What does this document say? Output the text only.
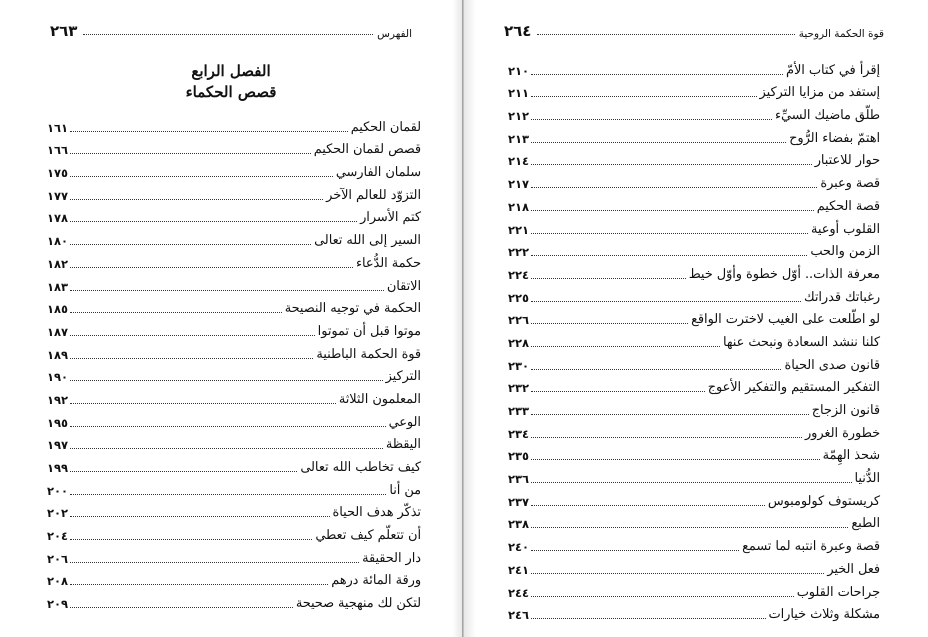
الفهرس
٢٦٣
الفصل الرابع
قصص الحكماء
لقمان الحكيم
١٦١
قصص لقمان الحكيم
١٦٦
سلمان الفارسي
١٧٥
التزوّد للعالم الآخر
١٧٧
كتم الأسرار
١٧٨
السير إلى الله تعالى
١٨٠
حكمة الدُّعاء
١٨٢
الاتقان
١٨٣
الحكمة في توجيه النصيحة
١٨٥
موتوا قبل أن تموتوا
١٨٧
قوة الحكمة الباطنية
١٨٩
التركيز
١٩٠
المعلمون الثلاثة
١٩٢
الوعي
١٩٥
اليقظة
١٩٧
كيف تخاطب الله تعالى
١٩٩
من أنا
٢٠٠
تذكّر هدف الحياة
٢٠٢
أن تتعلّم كيف تعطي
٢٠٤
دار الحقيقة
٢٠٦
ورقة المائة درهم
٢٠٨
لتكن لك منهجية صحيحة
٢٠٩
قوة الحكمة الروحية
٢٦٤
إقرأ في كتاب الأمّ
٢١٠
إستفد من مزايا التركيز
٢١١
طلّق ماضيك السيِّء
٢١٢
اهتمّ بفضاء الرُّوح
٢١٣
حوار للاعتبار
٢١٤
قصة وعبرة
٢١٧
قصة الحكيم
٢١٨
القلوب أوعية
٢٢١
الزمن والحب
٢٢٢
معرفة الذات.. أوّل خطوة وأوّل خيط
٢٢٤
رغباتك قدراتك
٢٢٥
لو اطّلعت على الغيب لاخترت الواقع
٢٢٦
كلنا ننشد السعادة ونبحث عنها
٢٢٨
قانون صدى الحياة
٢٣٠
التفكير المستقيم والتفكير الأعوج
٢٣٢
قانون الزجاج
٢٣٣
خطورة الغرور
٢٣٤
شحذ الهِمّة
٢٣٥
الدُّنيا
٢٣٦
كريستوف كولومبوس
٢٣٧
الطبع
٢٣٨
قصة وعبرة انتبه لما تسمع
٢٤٠
فعل الخير
٢٤١
جراحات القلوب
٢٤٤
مشكلة وثلاث خيارات
٢٤٦
